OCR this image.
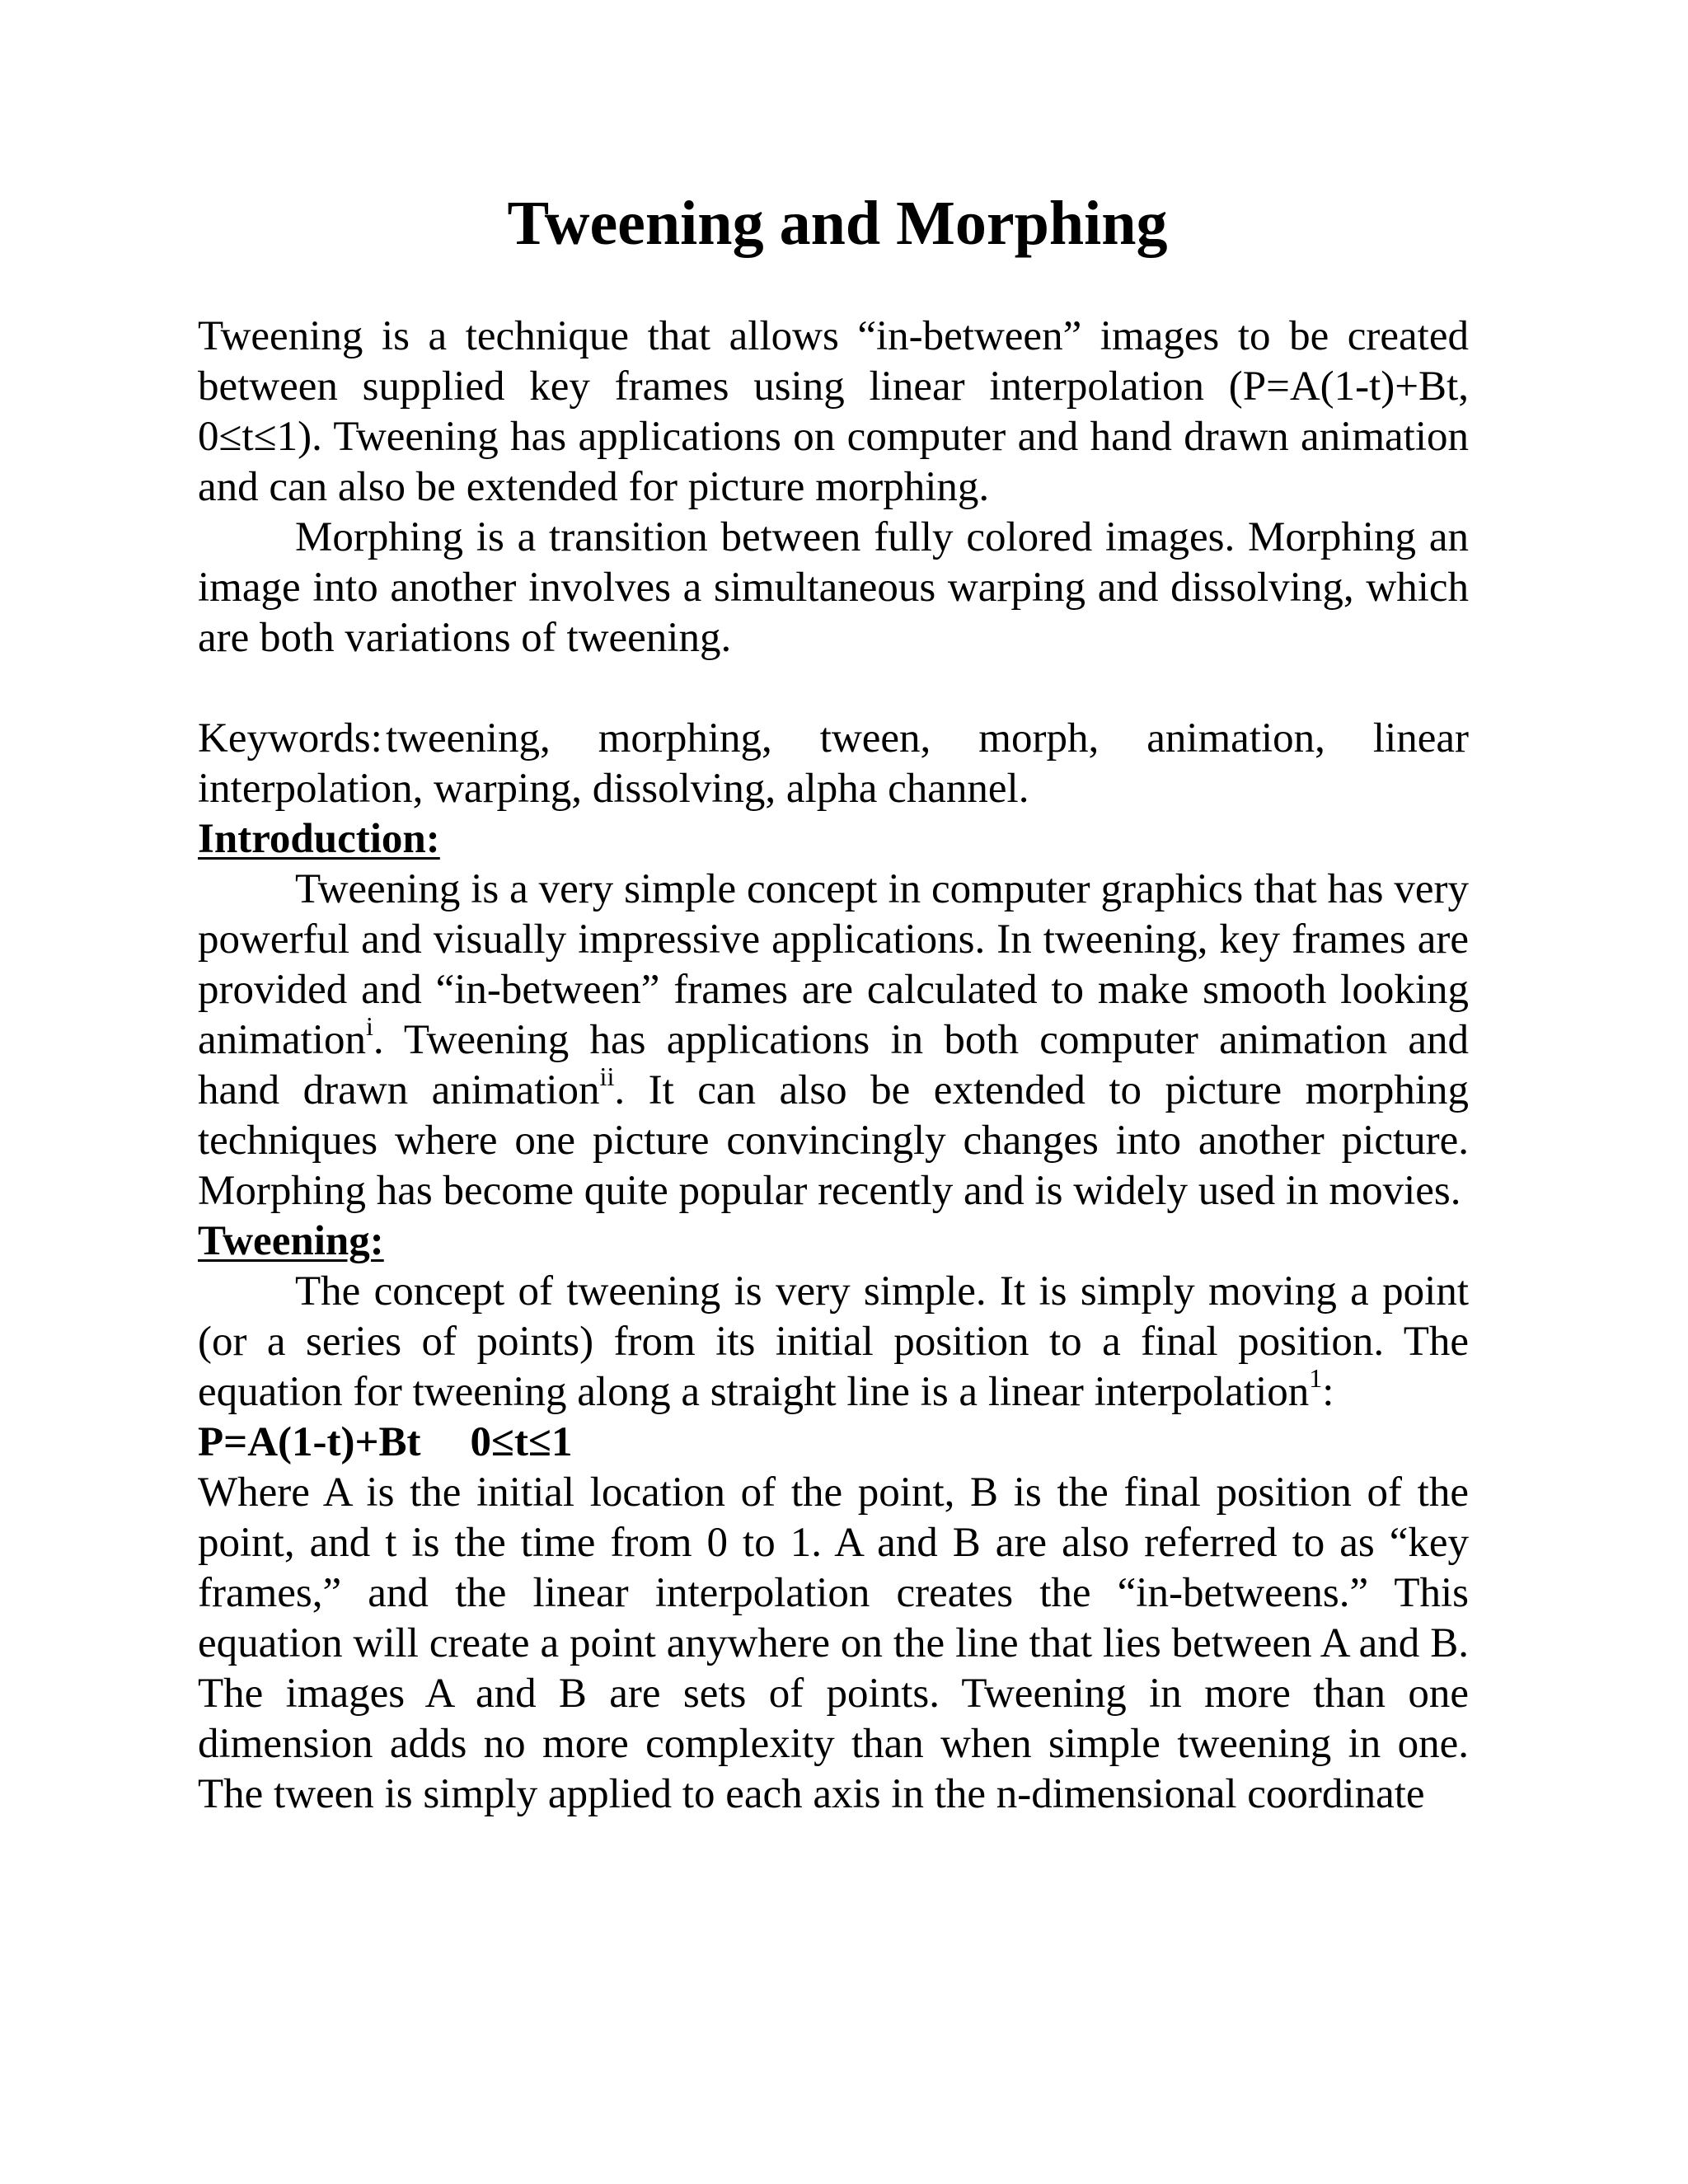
Tweening and Morphing

Tweening is a technique that allows “in-between” images to be created between supplied key frames using linear interpolation (P=A(1-t)+Bt, 0≤t≤1). Tweening has applications on computer and hand drawn animation and can also be extended for picture morphing.

Morphing is a transition between fully colored images. Morphing an image into another involves a simultaneous warping and dissolving, which are both variations of tweening.

Keywords:tweening, morphing, tween, morph, animation, linear interpolation, warping, dissolving, alpha channel.

Introduction:

Tweening is a very simple concept in computer graphics that has very powerful and visually impressive applications. In tweening, key frames are provided and “in-between” frames are calculated to make smooth looking animation$^i$. Tweening has applications in both computer animation and hand drawn animation$^{ii}$. It can also be extended to picture morphing techniques where one picture convincingly changes into another picture. Morphing has become quite popular recently and is widely used in movies.

Tweening:

The concept of tweening is very simple. It is simply moving a point (or a series of points) from its initial position to a final position. The equation for tweening along a straight line is a linear interpolation$^1$:

P=A(1-t)+Bt 0≤t≤1

Where A is the initial location of the point, B is the final position of the point, and t is the time from 0 to 1. A and B are also referred to as “key frames,” and the linear interpolation creates the “in-betweens.” This equation will create a point anywhere on the line that lies between A and B. The images A and B are sets of points. Tweening in more than one dimension adds no more complexity than when simple tweening in one. The tween is simply applied to each axis in the n-dimensional coordinate
